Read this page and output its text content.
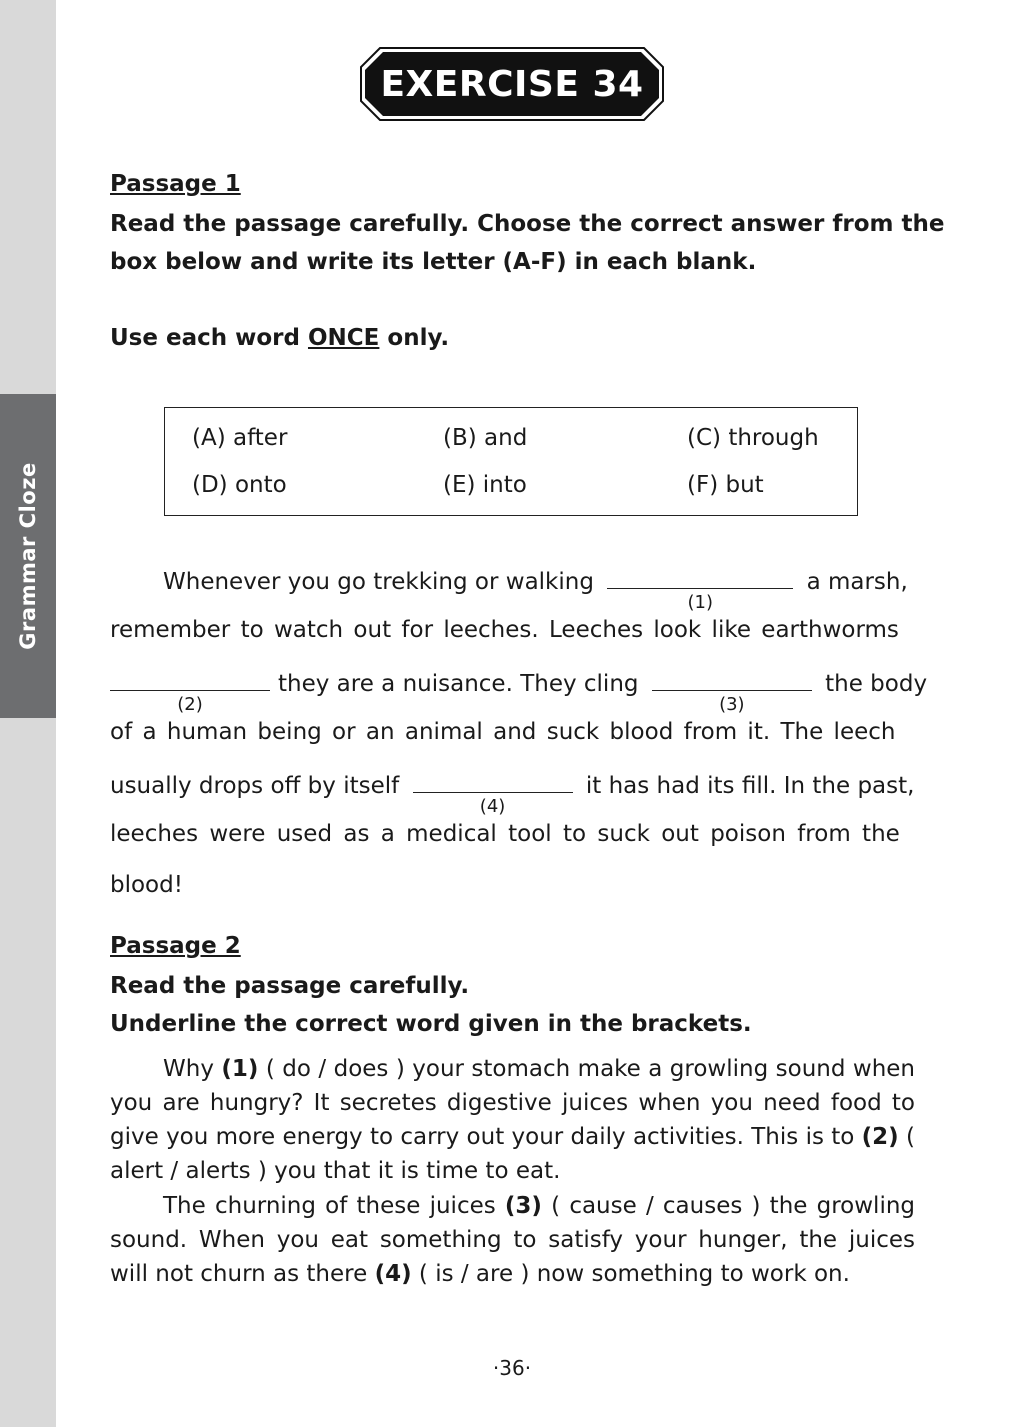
Grammar Cloze
EXERCISE 34
Passage 1
Read the passage carefully. Choose the correct answer from the
box below and write its letter (A-F) in each blank.
Use each word ONCE only.
(A) after	(B) and	(C) through
(D) onto	(E) into	(F) but
Whenever you go trekking or walking
(1)
a marsh,
remember to watch out for leeches. Leeches look like earthworms
(2)
they are a nuisance. They cling
(3)
the body
of a human being or an animal and suck blood from it. The leech
usually drops off by itself
(4)
it has had its fill. In the past,
leeches were used as a medical tool to suck out poison from the
blood!
Passage 2
Read the passage carefully.
Underline the correct word given in the brackets.
Why (1) ( do / does ) your stomach make a growling sound when you are hungry? It secretes digestive juices when you need food to give you more energy to carry out your daily activities. This is to (2) ( alert / alerts ) you that it is time to eat.
The churning of these juices (3) ( cause / causes ) the growling sound. When you eat something to satisfy your hunger, the juices will not churn as there (4) ( is / are ) now something to work on.
·36·
